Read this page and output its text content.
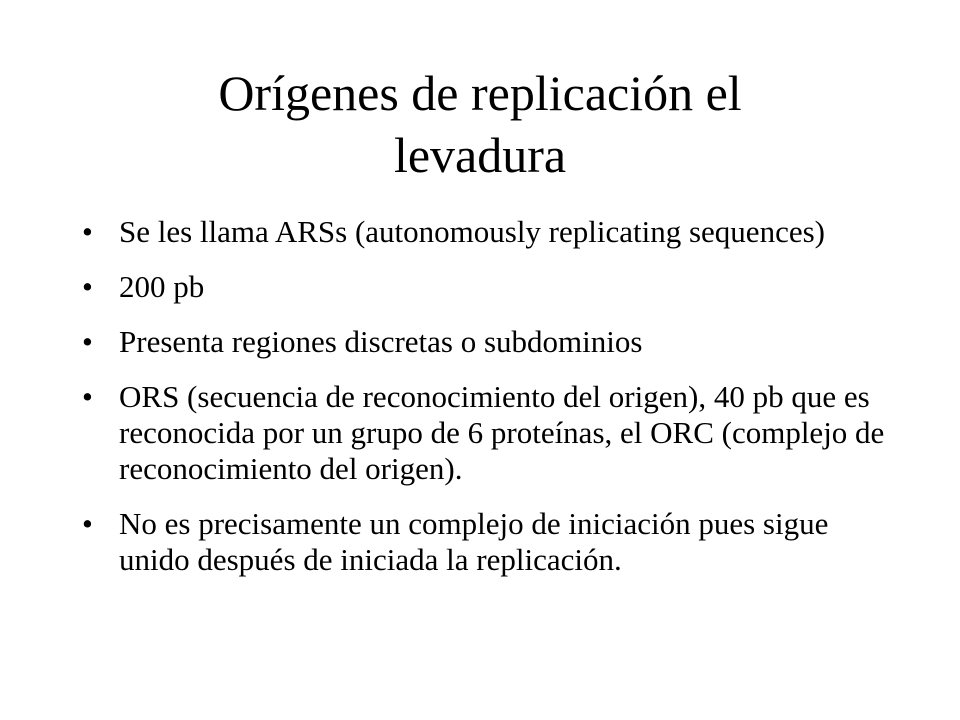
Orígenes de replicación el
levadura
• Se les llama ARSs (autonomously replicating sequences)
• 200 pb
• Presenta regiones discretas o subdominios
• ORS (secuencia de reconocimiento del origen), 40 pb que es reconocida por un grupo de 6 proteínas, el ORC (complejo de reconocimiento del origen).
• No es precisamente un complejo de iniciación pues sigue unido después de iniciada la replicación.
